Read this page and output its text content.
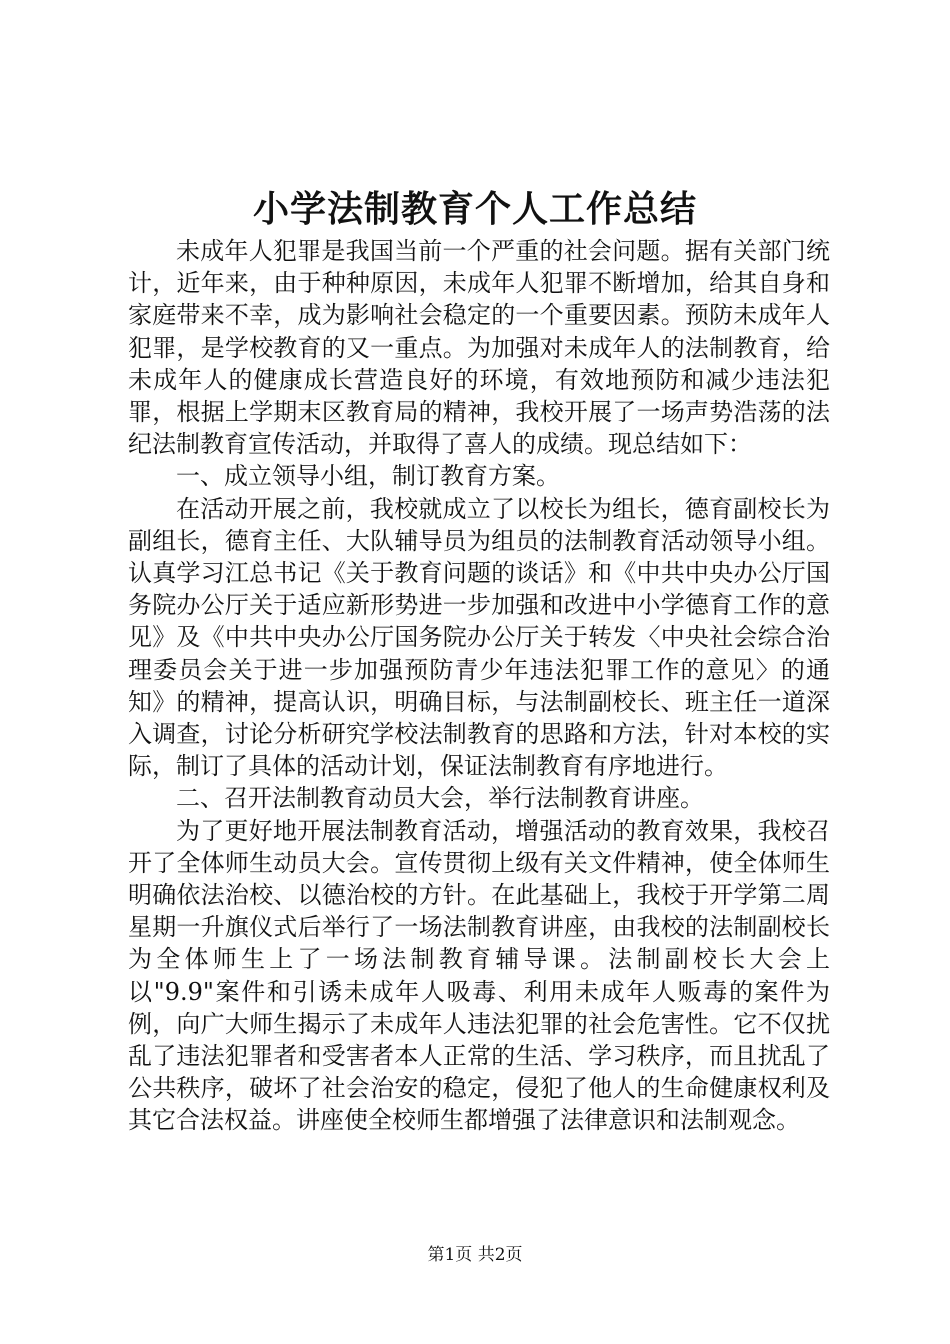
小学法制教育个人工作总结

未成年人犯罪是我国当前一个严重的社会问题。据有关部门统计，近年来，由于种种原因，未成年人犯罪不断增加，给其自身和家庭带来不幸，成为影响社会稳定的一个重要因素。预防未成年人犯罪，是学校教育的又一重点。为加强对未成年人的法制教育，给未成年人的健康成长营造良好的环境，有效地预防和减少违法犯罪，根据上学期末区教育局的精神，我校开展了一场声势浩荡的法纪法制教育宣传活动，并取得了喜人的成绩。现总结如下：

一、成立领导小组，制订教育方案。

在活动开展之前，我校就成立了以校长为组长，德育副校长为副组长，德育主任、大队辅导员为组员的法制教育活动领导小组。认真学习江总书记《关于教育问题的谈话》和《中共中央办公厅国务院办公厅关于适应新形势进一步加强和改进中小学德育工作的意见》及《中共中央办公厅国务院办公厅关于转发〈中央社会综合治理委员会关于进一步加强预防青少年违法犯罪工作的意见〉的通知》的精神，提高认识，明确目标，与法制副校长、班主任一道深入调查，讨论分析研究学校法制教育的思路和方法，针对本校的实际，制订了具体的活动计划，保证法制教育有序地进行。

二、召开法制教育动员大会，举行法制教育讲座。

为了更好地开展法制教育活动，增强活动的教育效果，我校召开了全体师生动员大会。宣传贯彻上级有关文件精神，使全体师生明确依法治校、以德治校的方针。在此基础上，我校于开学第二周星期一升旗仪式后举行了一场法制教育讲座，由我校的法制副校长为全体师生上了一场法制教育辅导课。法制副校长大会上以"9.9"案件和引诱未成年人吸毒、利用未成年人贩毒的案件为例，向广大师生揭示了未成年人违法犯罪的社会危害性。它不仅扰乱了违法犯罪者和受害者本人正常的生活、学习秩序，而且扰乱了公共秩序，破坏了社会治安的稳定，侵犯了他人的生命健康权利及其它合法权益。讲座使全校师生都增强了法律意识和法制观念。

第1页 共2页
